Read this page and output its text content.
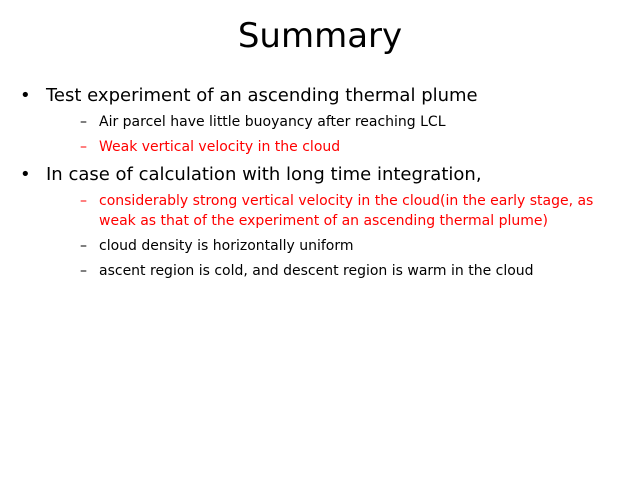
Summary
• Test experiment of an ascending thermal plume
– Air parcel have little buoyancy after reaching LCL
– Weak vertical velocity in the cloud
• In case of calculation with long time integration,
– considerably strong vertical velocity in the cloud(in the early stage, as weak as that of the experiment of an ascending thermal plume)
– cloud density is horizontally uniform
– ascent region is cold, and descent region is warm in the cloud
